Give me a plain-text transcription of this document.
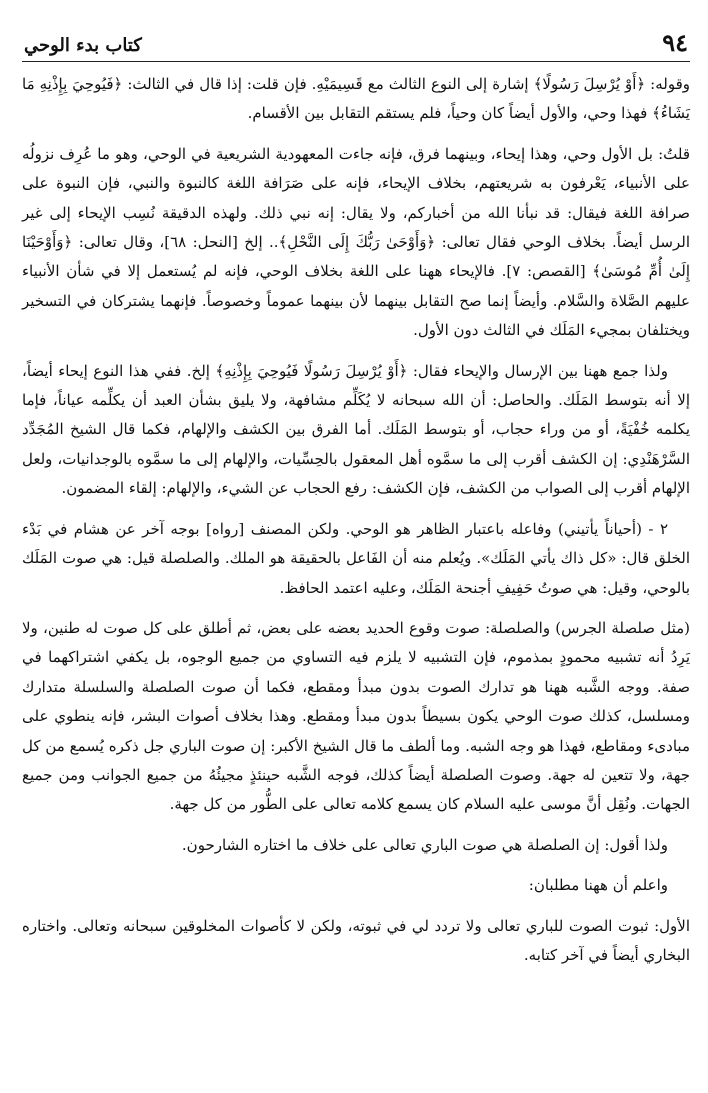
٩٤
كتاب بدء الوحي

وقوله: ﴿أَوْ يُرْسِلَ رَسُولًا﴾ إشارة إلى النوع الثالث مع قَسِيمَيْهِ. فإن قلت: إذا قال في الثالث: ﴿فَيُوحِيَ بِإِذْنِهِ مَا يَشَاءُ﴾ فهذا وحي، والأول أيضاً كان وحياً، فلم يستقم التقابل بين الأقسام.

قلتُ: بل الأول وحي، وهذا إيحاء، وبينهما فرق، فإنه جاءت المعهودية الشريعية في الوحي، وهو ما عُرِف نزولُه على الأنبياء، يَعْرفون به شريعتهم، بخلاف الإيحاء، فإنه على صَرَافة اللغة كالنبوة والنبي، فإن النبوة على صرافة اللغة فيقال: قد نبأنا الله من أخباركم، ولا يقال: إنه نبي ذلك. ولهذه الدقيقة نُسِب الإيحاء إلى غير الرسل أيضاً. بخلاف الوحي فقال تعالى: ﴿وَأَوْحَىٰ رَبُّكَ إِلَى النَّحْلِ﴾.. إلخ [النحل: ٦٨]، وقال تعالى: ﴿وَأَوْحَيْنَا إِلَىٰ أُمِّ مُوسَىٰ﴾ [القصص: ٧]. فالإيحاء ههنا على اللغة بخلاف الوحي، فإنه لم يُستعمل إلا في شأن الأنبياء عليهم الصَّلاة والسَّلام. وأيضاً إنما صح التقابل بينهما لأن بينهما عموماً وخصوصاً. فإنهما يشتركان في التسخير ويختلفان بمجيء المَلَك في الثالث دون الأول.

ولذا جمع ههنا بين الإرسال والإيحاء فقال: ﴿أَوْ يُرْسِلَ رَسُولًا فَيُوحِيَ بِإِذْنِهِ﴾ إلخ. ففي هذا النوع إيحاء أيضاً، إلا أنه بتوسط المَلَك. والحاصل: أن الله سبحانه لا يُكَلِّم مشافهة، ولا يليق بشأن العبد أن يكلِّمه عياناً، فإما يكلمه خُفْيَةً، أو من وراء حجاب، أو بتوسط المَلَك. أما الفرق بين الكشف والإلهام، فكما قال الشيخ المُجَدِّد السَّرْهَنْدِي: إن الكشف أقرب إلى ما سمَّوه أهل المعقول بالحِسِّيات، والإلهام إلى ما سمَّوه بالوجدانيات، ولعل الإلهام أقرب إلى الصواب من الكشف، فإن الكشف: رفع الحجاب عن الشيء، والإلهام: إلقاء المضمون.

٢ - (أحياناً يأتيني) وفاعله باعتبار الظاهر هو الوحي. ولكن المصنف [رواه] بوجه آخر عن هشام في بَدْء الخلق قال: «كل ذاك يأتي المَلَك». ويُعلم منه أن الفَاعل بالحقيقة هو الملك. والصلصلة قيل: هي صوت المَلَك بالوحي، وقيل: هي صوتُ حَفِيفِ أجنحة المَلَك، وعليه اعتمد الحافظ.

(مثل صلصلة الجرس) والصلصلة: صوت وقوع الحديد بعضه على بعض، ثم أطلق على كل صوت له طنين، ولا يَرِدُ أنه تشبيه محمودٍ بمذموم، فإن التشبيه لا يلزم فيه التساوي من جميع الوجوه، بل يكفي اشتراكهما في صفة. ووجه الشَّبه ههنا هو تدارك الصوت بدون مبدأ ومقطع، فكما أن صوت الصلصلة والسلسلة متدارك ومسلسل، كذلك صوت الوحي يكون بسيطاً بدون مبدأ ومقطع. وهذا بخلاف أصوات البشر، فإنه ينطوي على مبادىء ومقاطع، فهذا هو وجه الشبه. وما ألطف ما قال الشيخ الأكبر: إن صوت الباري جل ذكره يُسمع من كل جهة، ولا تتعين له جهة. وصوت الصلصلة أيضاً كذلك، فوجه الشَّبه حينئذٍ مجيئُهُ من جميع الجوانب ومن جميع الجهات. ونُقِل أنَّ موسى عليه السلام كان يسمع كلامه تعالى على الطُّور من كل جهة.

ولذا أقول: إن الصلصلة هي صوت الباري تعالى على خلاف ما اختاره الشارحون.

واعلم أن ههنا مطلبان:

الأول: ثبوت الصوت للباري تعالى ولا تردد لي في ثبوته، ولكن لا كأصوات المخلوقين سبحانه وتعالى. واختاره البخاري أيضاً في آخر كتابه.
